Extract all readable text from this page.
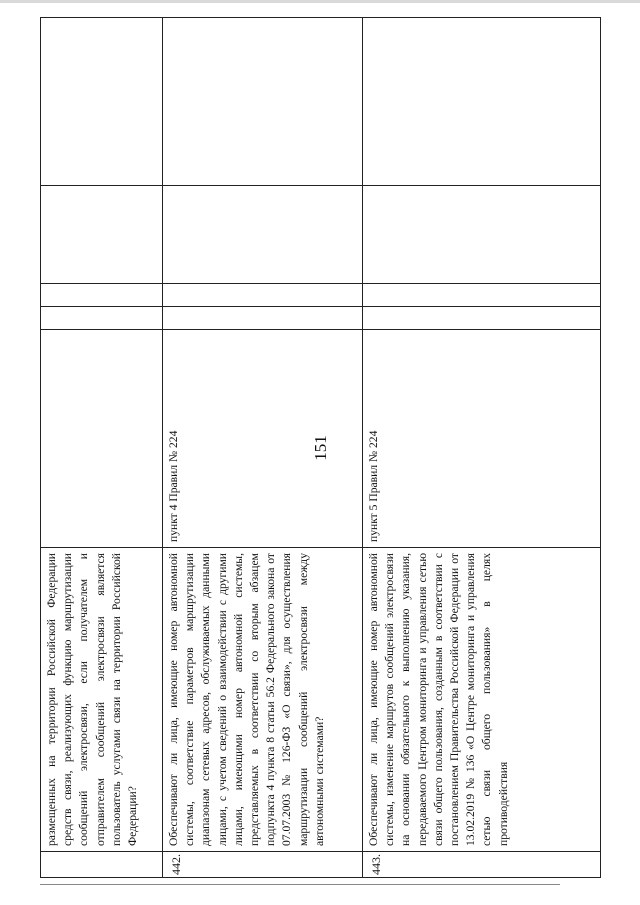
151
	размещенных на территории Российской Федерации средств связи, реализующих функцию маршрутизации сообщений электросвязи, если получателем и отправителем сообщений электросвязи является пользователь услугами связи на территории Российской Федерации?					
442.	Обеспечивают ли лица, имеющие номер автономной системы, соответствие параметров маршрутизации диапазонам сетевых адресов, обслуживаемых данными лицами, с учетом сведений о взаимодействии с другими лицами, имеющими номер автономной системы, представляемых в соответствии со вторым абзацем подпункта 4 пункта 8 статьи 56.2 Федерального закона от 07.07.2003 № 126-ФЗ «О связи», для осуществления маршрутизации сообщений электросвязи между автономными системами?	пункт 4 Правил № 224				
443.	Обеспечивают ли лица, имеющие номер автономной системы, изменение маршрутов сообщений электросвязи на основании обязательного к выполнению указания, передаваемого Центром мониторинга и управления сетью связи общего пользования, созданным в соответствии с постановлением Правительства Российской Федерации от 13.02.2019 № 136 «О Центре мониторинга и управления сетью связи общего пользования» в целях противодействия	пункт 5 Правил № 224				
